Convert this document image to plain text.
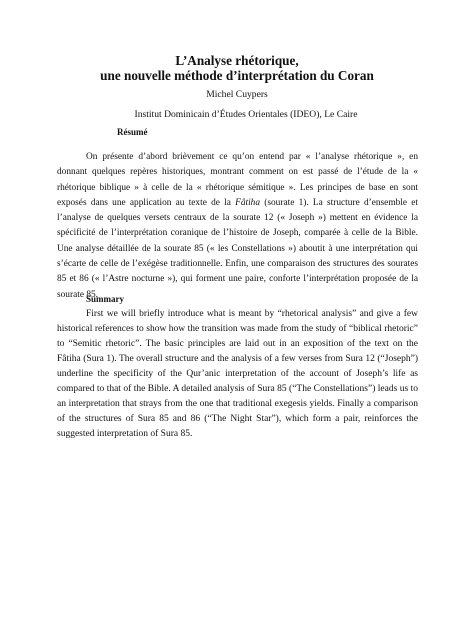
L’Analyse rhétorique,
une nouvelle méthode d’interprétation du Coran
Michel Cuypers
Institut Dominicain d’Études Orientales (IDEO), Le Caire
Résumé
On présente d’abord brièvement ce qu’on entend par « l’analyse rhétorique », en donnant quelques repères historiques, montrant comment on est passé de l’étude de la « rhétorique biblique » à celle de la « rhétorique sémitique ». Les principes de base en sont exposés dans une application au texte de la Fâtiha (sourate 1). La structure d’ensemble et l’analyse de quelques versets centraux de la sourate 12 (« Joseph ») mettent en évidence la spécificité de l’interprétation coranique de l’histoire de Joseph, comparée à celle de la Bible. Une analyse détaillée de la sourate 85 (« les Constellations ») aboutit à une interprétation qui s’écarte de celle de l’exégèse traditionnelle. Enfin, une comparaison des structures des sourates 85 et 86 (« l’Astre nocturne »), qui forment une paire, conforte l’interprétation proposée de la sourate 85.
Summary
First we will briefly introduce what is meant by “rhetorical analysis” and give a few historical references to show how the transition was made from the study of “biblical rhetoric” to “Semitic rhetoric”. The basic principles are laid out in an exposition of the text on the Fâtiha (Sura 1). The overall structure and the analysis of a few verses from Sura 12 (“Joseph”) underline the specificity of the Qur’anic interpretation of the account of Joseph’s life as compared to that of the Bible. A detailed analysis of Sura 85 (“The Constellations”) leads us to an interpretation that strays from the one that traditional exegesis yields. Finally a comparison of the structures of Sura 85 and 86 (“The Night Star”), which form a pair, reinforces the suggested interpretation of Sura 85.
